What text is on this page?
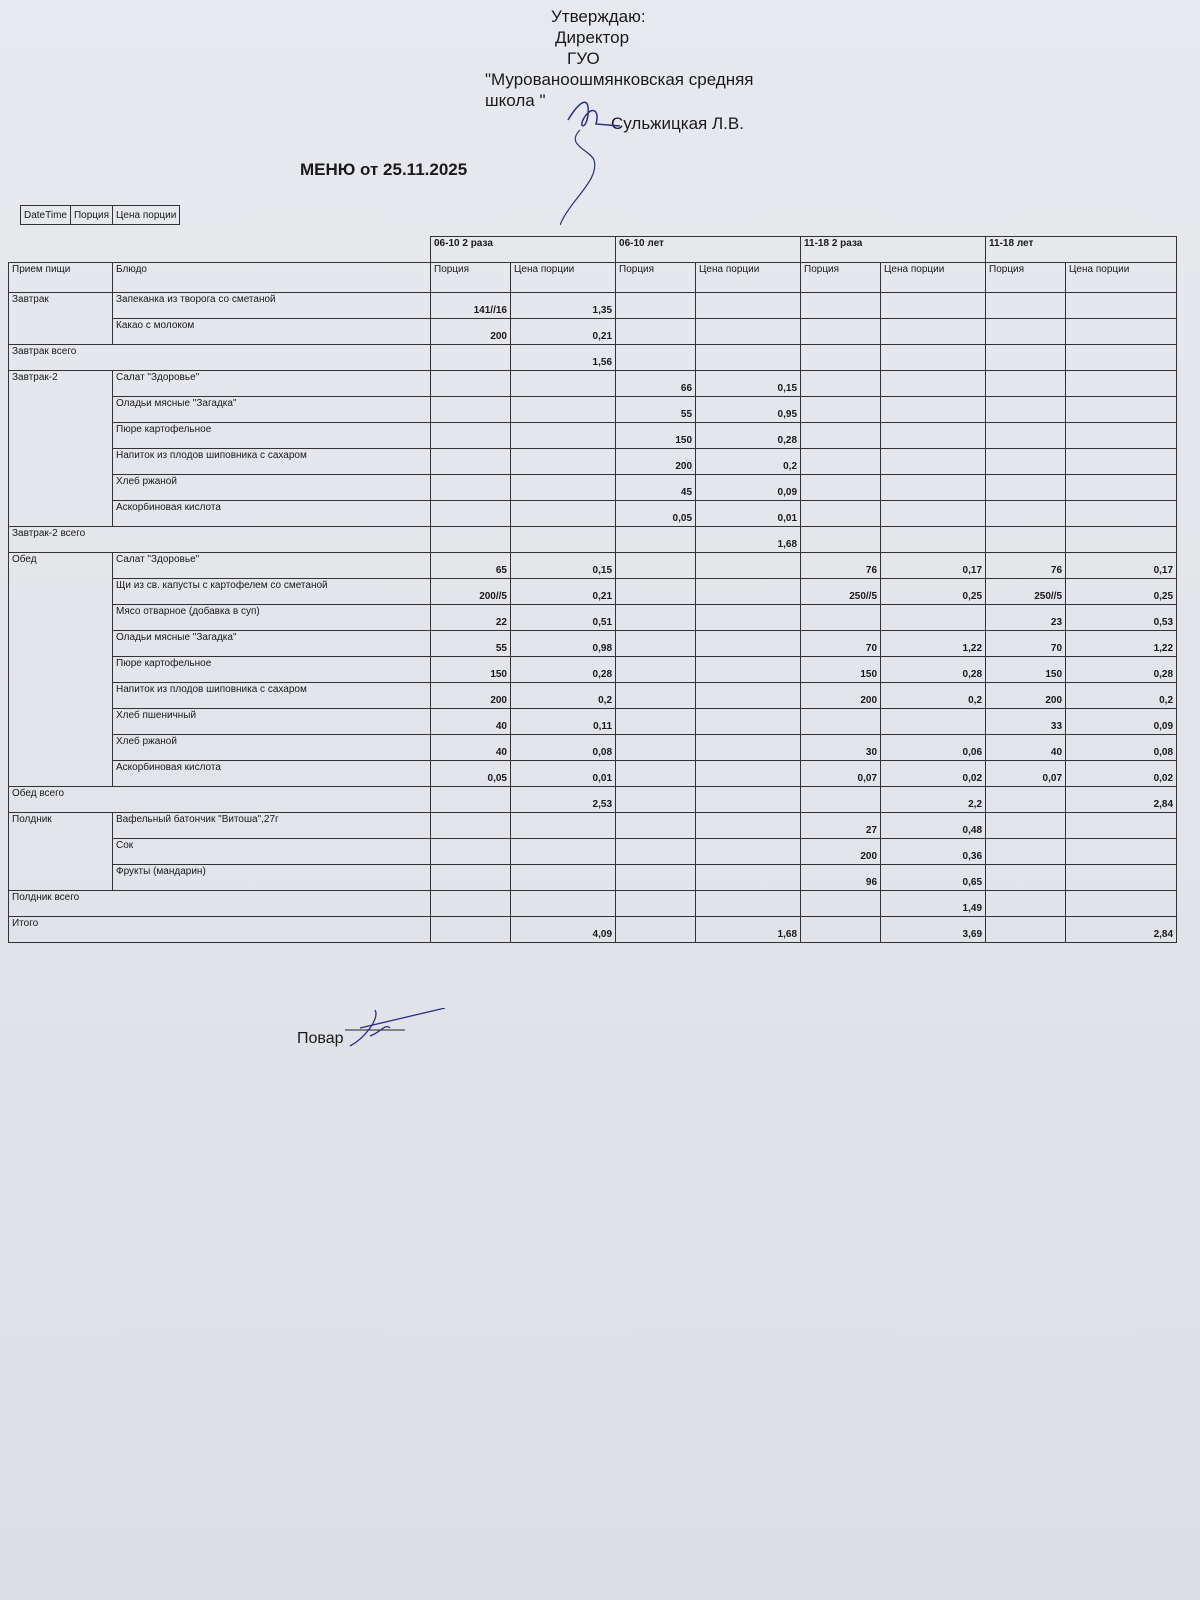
Утверждаю:
Директор
ГУО
"Мурованоошмянковская средняя
школа "
Сульжицкая Л.В.
МЕНЮ от 25.11.2025
DateTime	Порция	Цена порции
		06-10 2 раза		06-10 лет		11-18 2 раза		11-18 лет	
Прием пищи	Блюдо	Порция	Цена порции	Порция	Цена порции	Порция	Цена порции	Порция	Цена порции
Завтрак	Запеканка из творога со сметаной	141//16	1,35						
	Какао с молоком	200	0,21						
Завтрак всего			1,56						
Завтрак-2	Салат "Здоровье"			66	0,15				
	Оладьи мясные "Загадка"			55	0,95				
	Пюре картофельное			150	0,28				
	Напиток из плодов шиповника с сахаром			200	0,2				
	Хлеб ржаной			45	0,09				
	Аскорбиновая кислота			0,05	0,01				
Завтрак-2 всего					1,68				
Обед	Салат "Здоровье"	65	0,15			76	0,17	76	0,17
	Щи из св. капусты с картофелем со сметаной	200//5	0,21			250//5	0,25	250//5	0,25
	Мясо отварное (добавка в суп)	22	0,51					23	0,53
	Оладьи мясные "Загадка"	55	0,98			70	1,22	70	1,22
	Пюре картофельное	150	0,28			150	0,28	150	0,28
	Напиток из плодов шиповника с сахаром	200	0,2			200	0,2	200	0,2
	Хлеб пшеничный	40	0,11					33	0,09
	Хлеб ржаной	40	0,08			30	0,06	40	0,08
	Аскорбиновая кислота	0,05	0,01			0,07	0,02	0,07	0,02
Обед всего			2,53				2,2		2,84
Полдник	Вафельный батончик "Витоша",27г					27	0,48		
	Сок					200	0,36		
	Фрукты (мандарин)					96	0,65		
Полдник всего							1,49		
Итого			4,09		1,68		3,69		2,84
Повар
